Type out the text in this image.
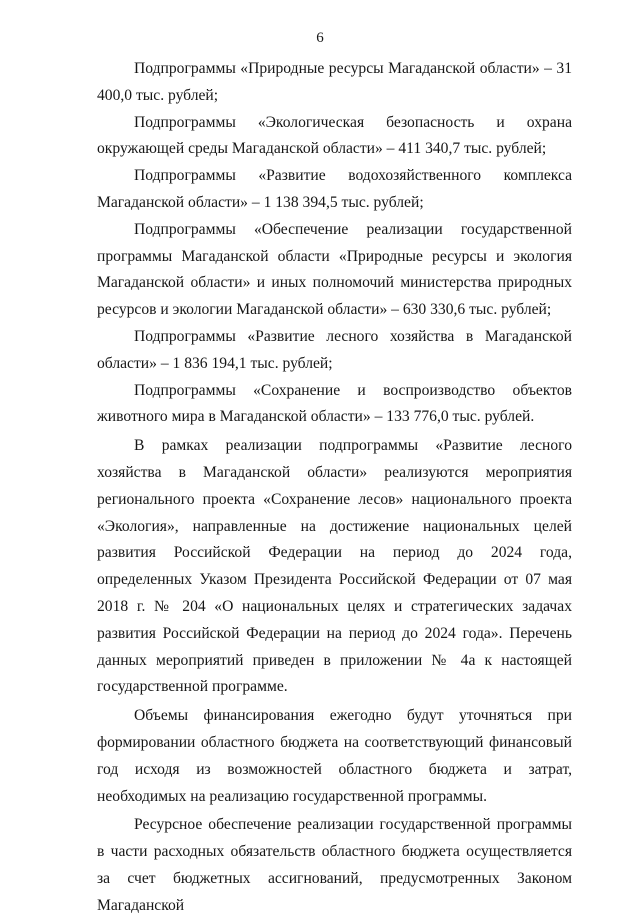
6

Подпрограммы «Природные ресурсы Магаданской области» – 31 400,0 тыс. рублей;

Подпрограммы «Экологическая безопасность и охрана окружающей среды Магаданской области» – 411 340,7 тыс. рублей;

Подпрограммы «Развитие водохозяйственного комплекса Магаданской области» – 1 138 394,5 тыс. рублей;

Подпрограммы «Обеспечение реализации государственной программы Магаданской области «Природные ресурсы и экология Магаданской области» и иных полномочий министерства природных ресурсов и экологии Магаданской области» – 630 330,6 тыс. рублей;

Подпрограммы «Развитие лесного хозяйства в Магаданской области» – 1 836 194,1 тыс. рублей;

Подпрограммы «Сохранение и воспроизводство объектов животного мира в Магаданской области» – 133 776,0 тыс. рублей.

В рамках реализации подпрограммы «Развитие лесного хозяйства в Магаданской области» реализуются мероприятия регионального проекта «Сохранение лесов» национального проекта «Экология», направленные на достижение национальных целей развития Российской Федерации на период до 2024 года, определенных Указом Президента Российской Федерации от 07 мая 2018 г. № 204 «О национальных целях и стратегических задачах развития Российской Федерации на период до 2024 года». Перечень данных мероприятий приведен в приложении № 4а к настоящей государственной программе.

Объемы финансирования ежегодно будут уточняться при формировании областного бюджета на соответствующий финансовый год исходя из возможностей областного бюджета и затрат, необходимых на реализацию государственной программы.

Ресурсное обеспечение реализации государственной программы в части расходных обязательств областного бюджета осуществляется за счет бюджетных ассигнований, предусмотренных Законом Магаданской
